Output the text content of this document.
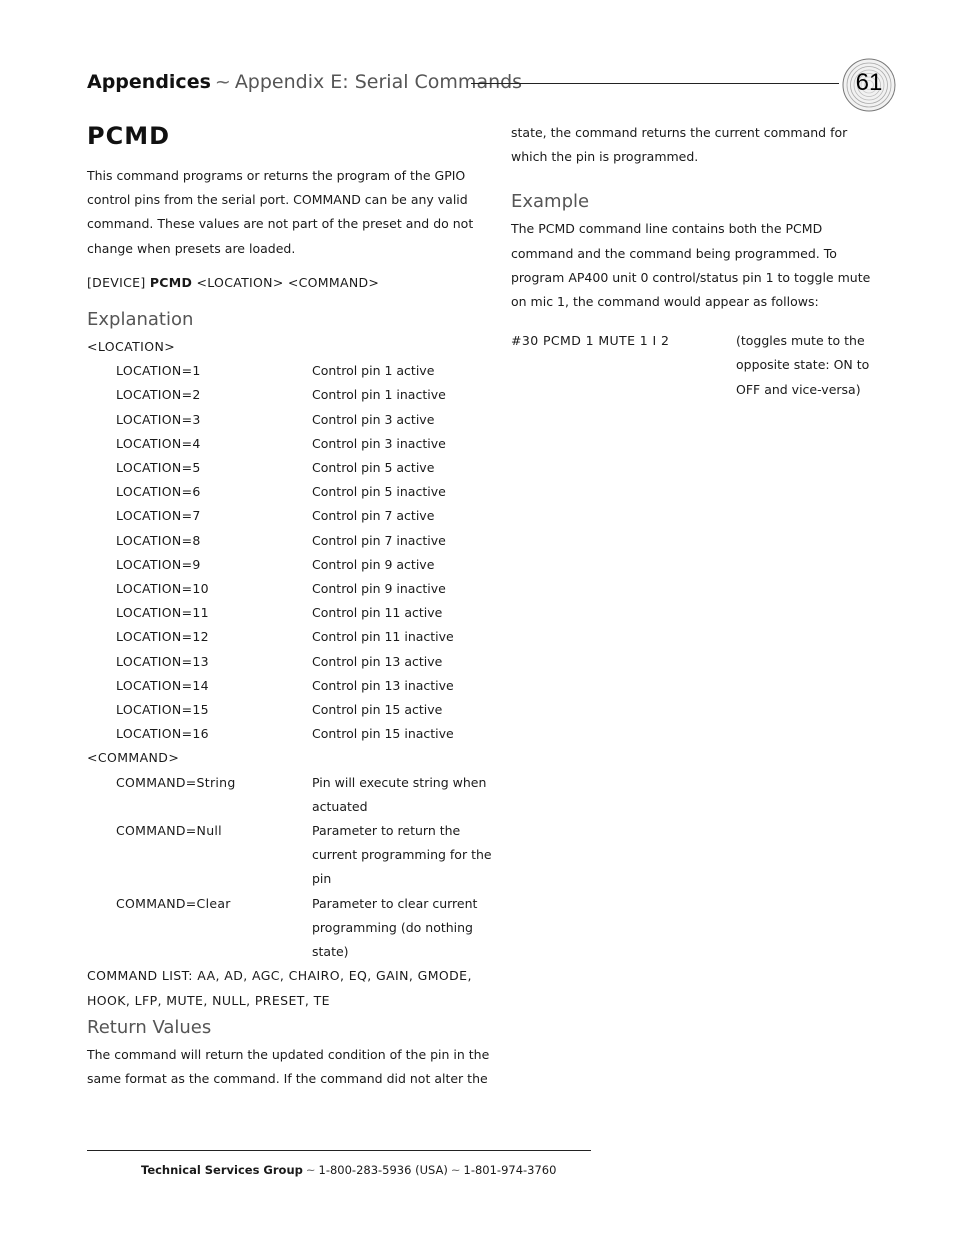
Appendices ~ Appendix E: Serial Commands	61
PCMD

This command programs or returns the program of the GPIO control pins from the serial port. COMMAND can be any valid command. These values are not part of the preset and do not change when presets are loaded.

[DEVICE] PCMD <LOCATION> <COMMAND>

Explanation
<LOCATION>
LOCATION=1	Control pin 1 active
LOCATION=2	Control pin 1 inactive
LOCATION=3	Control pin 3 active
LOCATION=4	Control pin 3 inactive
LOCATION=5	Control pin 5 active
LOCATION=6	Control pin 5 inactive
LOCATION=7	Control pin 7 active
LOCATION=8	Control pin 7 inactive
LOCATION=9	Control pin 9 active
LOCATION=10	Control pin 9 inactive
LOCATION=11	Control pin 11 active
LOCATION=12	Control pin 11 inactive
LOCATION=13	Control pin 13 active
LOCATION=14	Control pin 13 inactive
LOCATION=15	Control pin 15 active
LOCATION=16	Control pin 15 inactive
<COMMAND>
COMMAND=String	Pin will execute string when actuated
COMMAND=Null	Parameter to return the current programming for the pin
COMMAND=Clear	Parameter to clear current programming (do nothing state)

COMMAND LIST: AA, AD, AGC, CHAIRO, EQ, GAIN, GMODE, HOOK, LFP, MUTE, NULL, PRESET, TE

Return Values

The command will return the updated condition of the pin in the same format as the command. If the command did not alter the

state, the command returns the current command for which the pin is programmed.

Example

The PCMD command line contains both the PCMD command and the command being programmed. To program AP400 unit 0 control/status pin 1 to toggle mute on mic 1, the command would appear as follows:

#30 PCMD 1 MUTE 1 I 2	(toggles mute to the opposite state: ON to OFF and vice-versa)
Technical Services Group ~ 1-800-283-5936 (USA) ~ 1-801-974-3760
